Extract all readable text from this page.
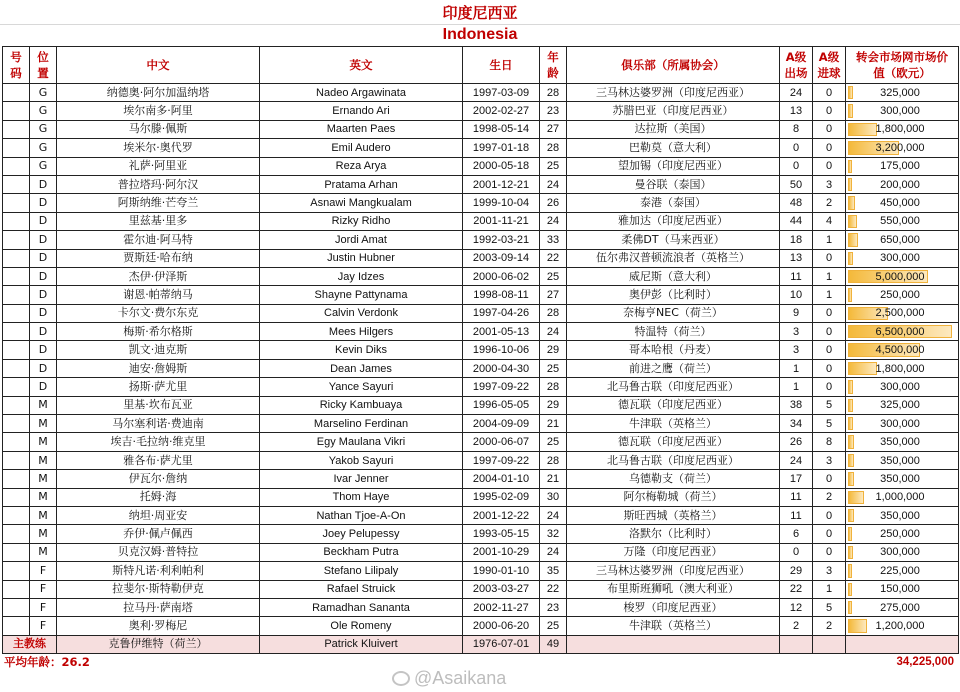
印度尼西亚
Indonesia
号码	位置	中文	英文	生日	年龄	俱乐部（所属协会）	A级出场	A级进球	转会市场网市场价值（欧元）

	G	纳德奥·阿尔加温纳塔	Nadeo Argawinata	1997-03-09	28	三马林达婆罗洲（印度尼西亚）	24	0	325,000
	G	埃尔南多·阿里	Ernando Ari	2002-02-27	23	苏腊巴亚（印度尼西亚）	13	0	300,000
	G	马尔滕·佩斯	Maarten Paes	1998-05-14	27	达拉斯（美国）	8	0	1,800,000
	G	埃米尔·奥代罗	Emil Audero	1997-01-18	28	巴勒莫（意大利）	0	0	3,200,000
	G	礼萨·阿里亚	Reza Arya	2000-05-18	25	望加锡（印度尼西亚）	0	0	175,000
	D	普拉塔玛·阿尔汉	Pratama Arhan	2001-12-21	24	曼谷联（泰国）	50	3	200,000
	D	阿斯纳维·芒夸兰	Asnawi Mangkualam	1999-10-04	26	泰港（泰国）	48	2	450,000
	D	里兹基·里多	Rizky Ridho	2001-11-21	24	雅加达（印度尼西亚）	44	4	550,000
	D	霍尔迪·阿马特	Jordi Amat	1992-03-21	33	柔佛DT（马来西亚）	18	1	650,000
	D	贾斯廷·哈布纳	Justin Hubner	2003-09-14	22	伍尔弗汉普顿流浪者（英格兰）	13	0	300,000
	D	杰伊·伊泽斯	Jay Idzes	2000-06-02	25	威尼斯（意大利）	11	1	5,000,000
	D	谢恩·帕蒂纳马	Shayne Pattynama	1998-08-11	27	奥伊彭（比利时）	10	1	250,000
	D	卡尔文·费尔东克	Calvin Verdonk	1997-04-26	28	奈梅亨NEC（荷兰）	9	0	2,500,000
	D	梅斯·希尔格斯	Mees Hilgers	2001-05-13	24	特温特（荷兰）	3	0	6,500,000
	D	凯文·迪克斯	Kevin Diks	1996-10-06	29	哥本哈根（丹麦）	3	0	4,500,000
	D	迪安·詹姆斯	Dean James	2000-04-30	25	前进之鹰（荷兰）	1	0	1,800,000
	D	扬斯·萨尤里	Yance Sayuri	1997-09-22	28	北马鲁古联（印度尼西亚）	1	0	300,000
	M	里基·坎布瓦亚	Ricky Kambuaya	1996-05-05	29	德瓦联（印度尼西亚）	38	5	325,000
	M	马尔塞利诺·费迪南	Marselino Ferdinan	2004-09-09	21	牛津联（英格兰）	34	5	300,000
	M	埃吉·毛拉纳·维克里	Egy Maulana Vikri	2000-06-07	25	德瓦联（印度尼西亚）	26	8	350,000
	M	雅各布·萨尤里	Yakob Sayuri	1997-09-22	28	北马鲁古联（印度尼西亚）	24	3	350,000
	M	伊瓦尔·詹纳	Ivar Jenner	2004-01-10	21	乌德勒支（荷兰）	17	0	350,000
	M	托姆·海	Thom Haye	1995-02-09	30	阿尔梅勒城（荷兰）	11	2	1,000,000
	M	纳坦·周亚安	Nathan Tjoe-A-On	2001-12-22	24	斯旺西城（英格兰）	11	0	350,000
	M	乔伊·佩卢佩西	Joey Pelupessy	1993-05-15	32	洛默尔（比利时）	6	0	250,000
	M	贝克汉姆·普特拉	Beckham Putra	2001-10-29	24	万隆（印度尼西亚）	0	0	300,000
	F	斯特凡诺·利利帕利	Stefano Lilipaly	1990-01-10	35	三马林达婆罗洲（印度尼西亚）	29	3	225,000
	F	拉斐尔·斯特勒伊克	Rafael Struick	2003-03-27	22	布里斯班狮吼（澳大利亚）	22	1	150,000
	F	拉马丹·萨南塔	Ramadhan Sananta	2002-11-27	23	梭罗（印度尼西亚）	12	5	275,000
	F	奥利·罗梅尼	Ole Romeny	2000-06-20	25	牛津联（英格兰）	2	2	1,200,000
主教练		克鲁伊维特（荷兰）	Patrick Kluivert	1976-07-01	49				
平均年龄：26.2	34,225,000
@Asaikana
